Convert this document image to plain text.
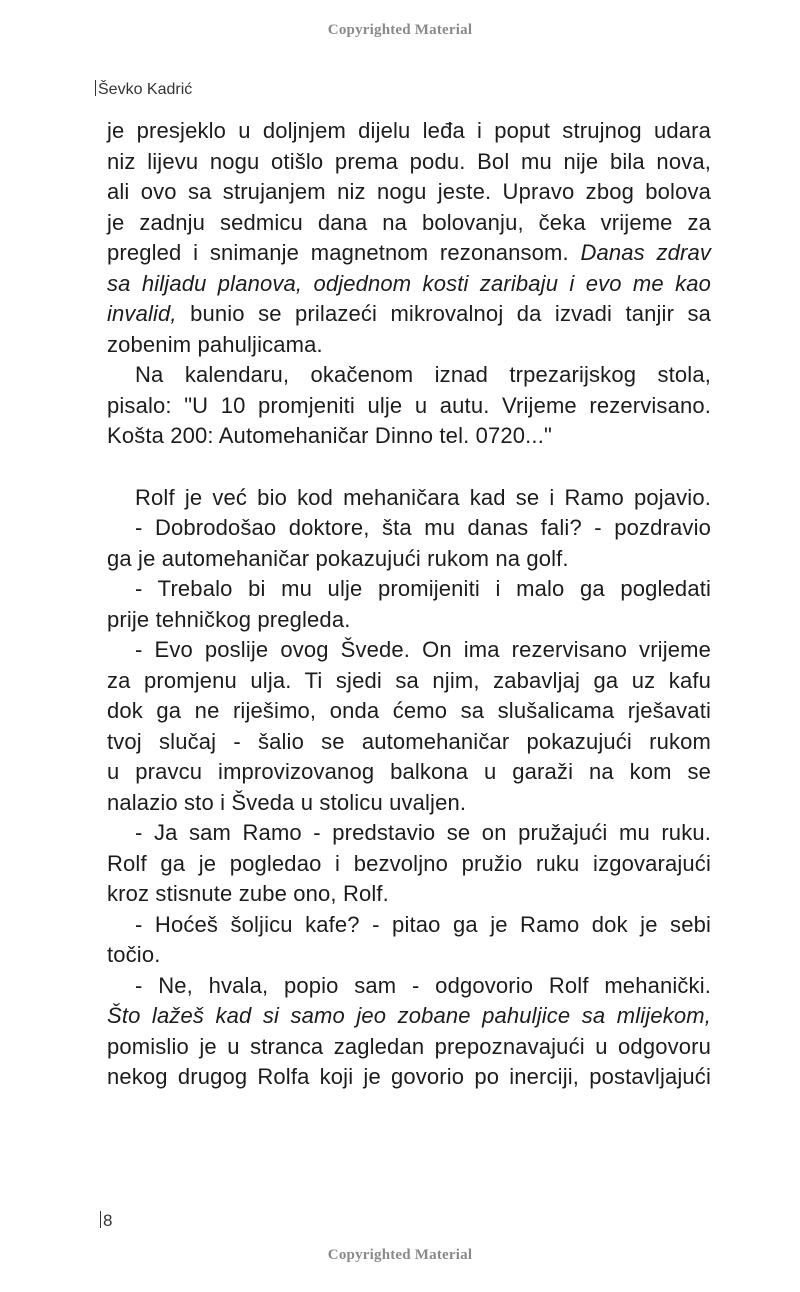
Copyrighted Material
Ševko Kadrić
je presjeklo u doljnjem dijelu leđa i poput strujnog udara
niz lijevu nogu otišlo prema podu. Bol mu nije bila nova,
ali ovo sa strujanjem niz nogu jeste. Upravo zbog bolova
je zadnju sedmicu dana na bolovanju, čeka vrijeme za
pregled i snimanje magnetnom rezonansom. Danas zdrav
sa hiljadu planova, odjednom kosti zaribaju i evo me kao
invalid, bunio se prilazeći mikrovalnoj da izvadi tanjir sa
zobenim pahuljicama.
Na kalendaru, okačenom iznad trpezarijskog stola,
pisalo: "U 10 promjeniti ulje u autu. Vrijeme rezervisano.
Košta 200: Automehaničar Dinno tel. 0720..."
Rolf je već bio kod mehaničara kad se i Ramo pojavio.
- Dobrodošao doktore, šta mu danas fali? - pozdravio
ga je automehaničar pokazujući rukom na golf.
- Trebalo bi mu ulje promijeniti i malo ga pogledati
prije tehničkog pregleda.
- Evo poslije ovog Švede. On ima rezervisano vrijeme
za promjenu ulja. Ti sjedi sa njim, zabavljaj ga uz kafu
dok ga ne riješimo, onda ćemo sa slušalicama rješavati
tvoj slučaj - šalio se automehaničar pokazujući rukom
u pravcu improvizovanog balkona u garaži na kom se
nalazio sto i Šveda u stolicu uvaljen.
- Ja sam Ramo - predstavio se on pružajući mu ruku.
Rolf ga je pogledao i bezvoljno pružio ruku izgovarajući
kroz stisnute zube ono, Rolf.
- Hoćeš šoljicu kafe? - pitao ga je Ramo dok je sebi
točio.
- Ne, hvala, popio sam - odgovorio Rolf mehanički.
Što lažeš kad si samo jeo zobane pahuljice sa mlijekom,
pomislio je u stranca zagledan prepoznavajući u odgovoru
nekog drugog Rolfa koji je govorio po inerciji, postavljajući
8
Copyrighted Material
